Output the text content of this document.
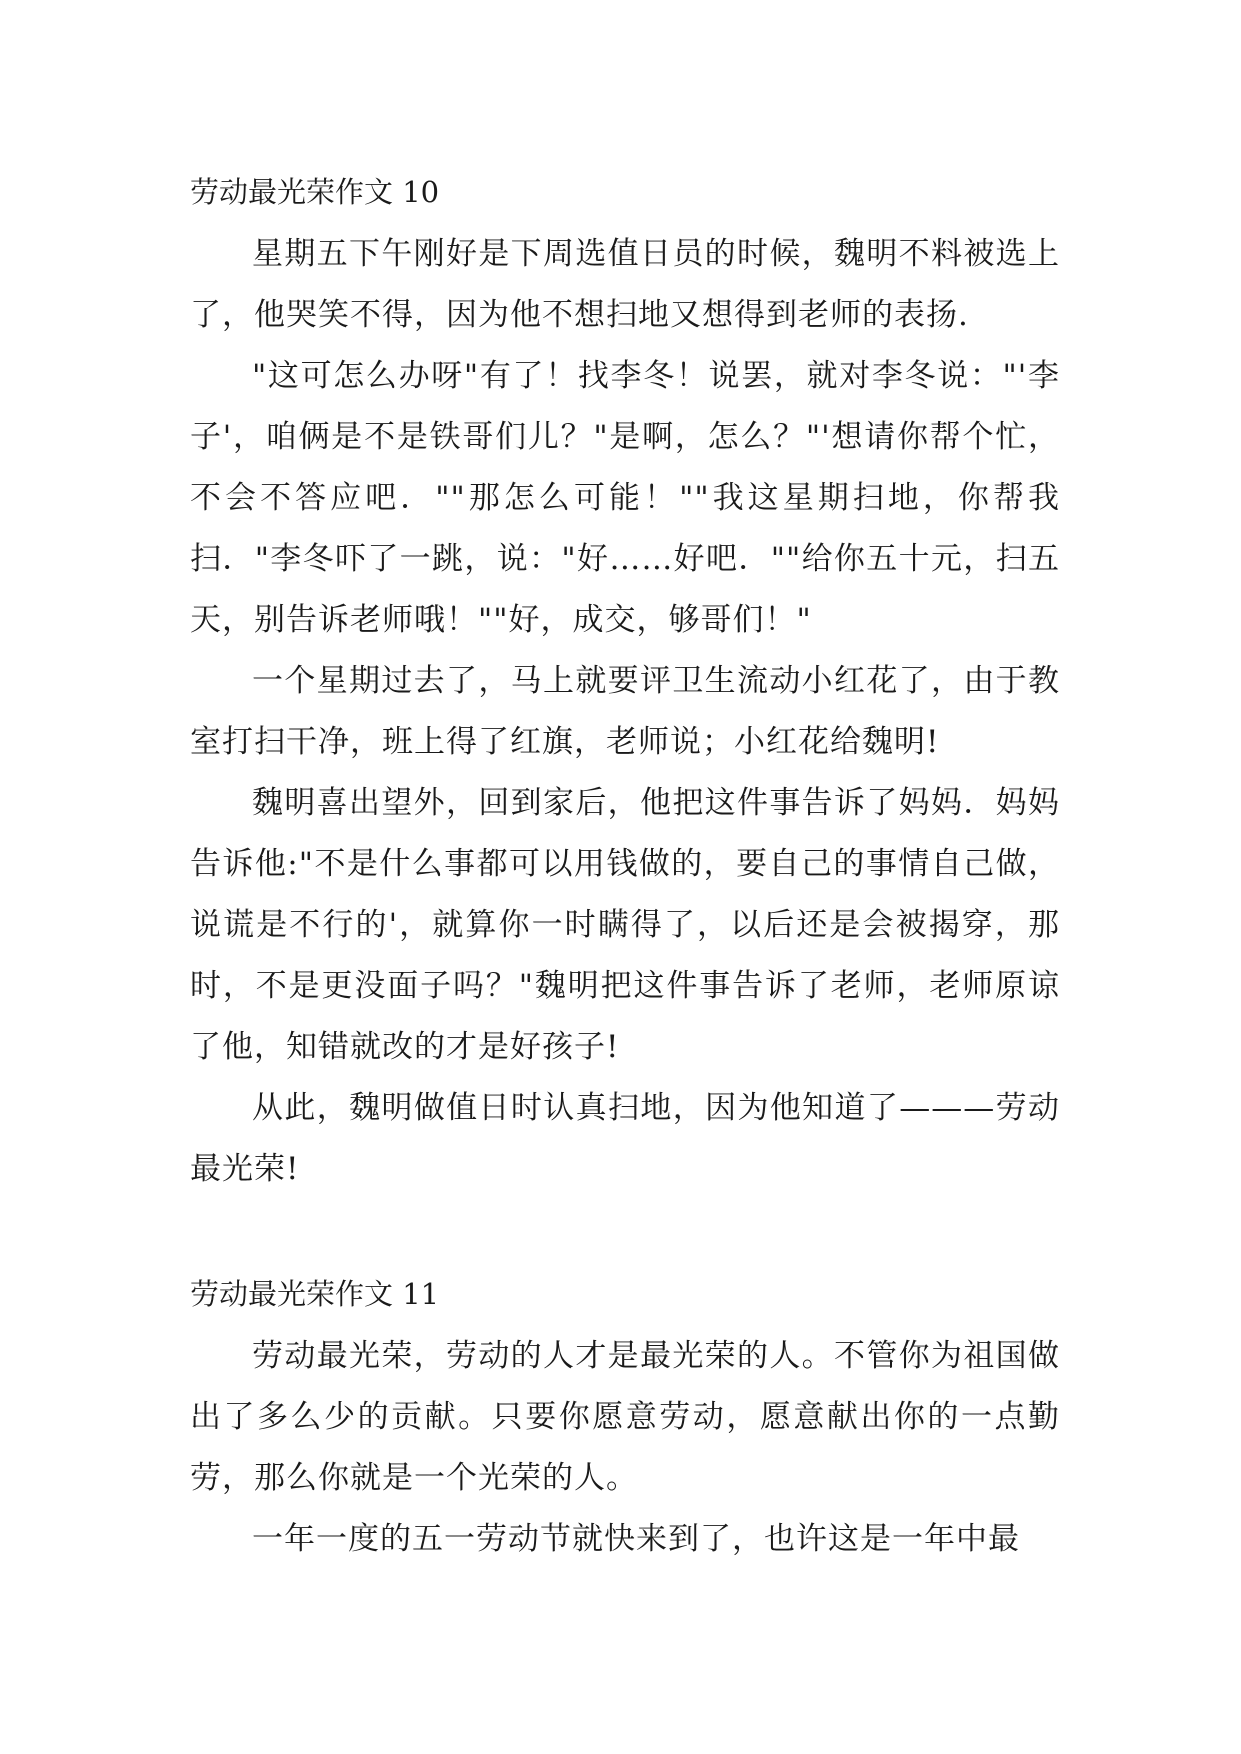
劳动最光荣作文 10

星期五下午刚好是下周选值日员的时候，魏明不料被选上了，他哭笑不得，因为他不想扫地又想得到老师的表扬.

"这可怎么办呀"有了！找李冬！说罢，就对李冬说："'李子'，咱俩是不是铁哥们儿？"是啊，怎么？"'想请你帮个忙，不会不答应吧．""那怎么可能！""我这星期扫地，你帮我扫．"李冬吓了一跳，说："好……好吧．""给你五十元，扫五天，别告诉老师哦！""好，成交，够哥们！"

一个星期过去了，马上就要评卫生流动小红花了，由于教室打扫干净，班上得了红旗，老师说；小红花给魏明!

魏明喜出望外，回到家后，他把这件事告诉了妈妈．妈妈告诉他:"不是什么事都可以用钱做的，要自己的事情自己做，说谎是不行的'，就算你一时瞒得了，以后还是会被揭穿，那时，不是更没面子吗？"魏明把这件事告诉了老师，老师原谅了他，知错就改的才是好孩子!

从此，魏明做值日时认真扫地，因为他知道了———劳动最光荣!

劳动最光荣作文 11

劳动最光荣，劳动的人才是最光荣的人。不管你为祖国做出了多么少的贡献。只要你愿意劳动，愿意献出你的一点勤劳，那么你就是一个光荣的人。

一年一度的五一劳动节就快来到了，也许这是一年中最
